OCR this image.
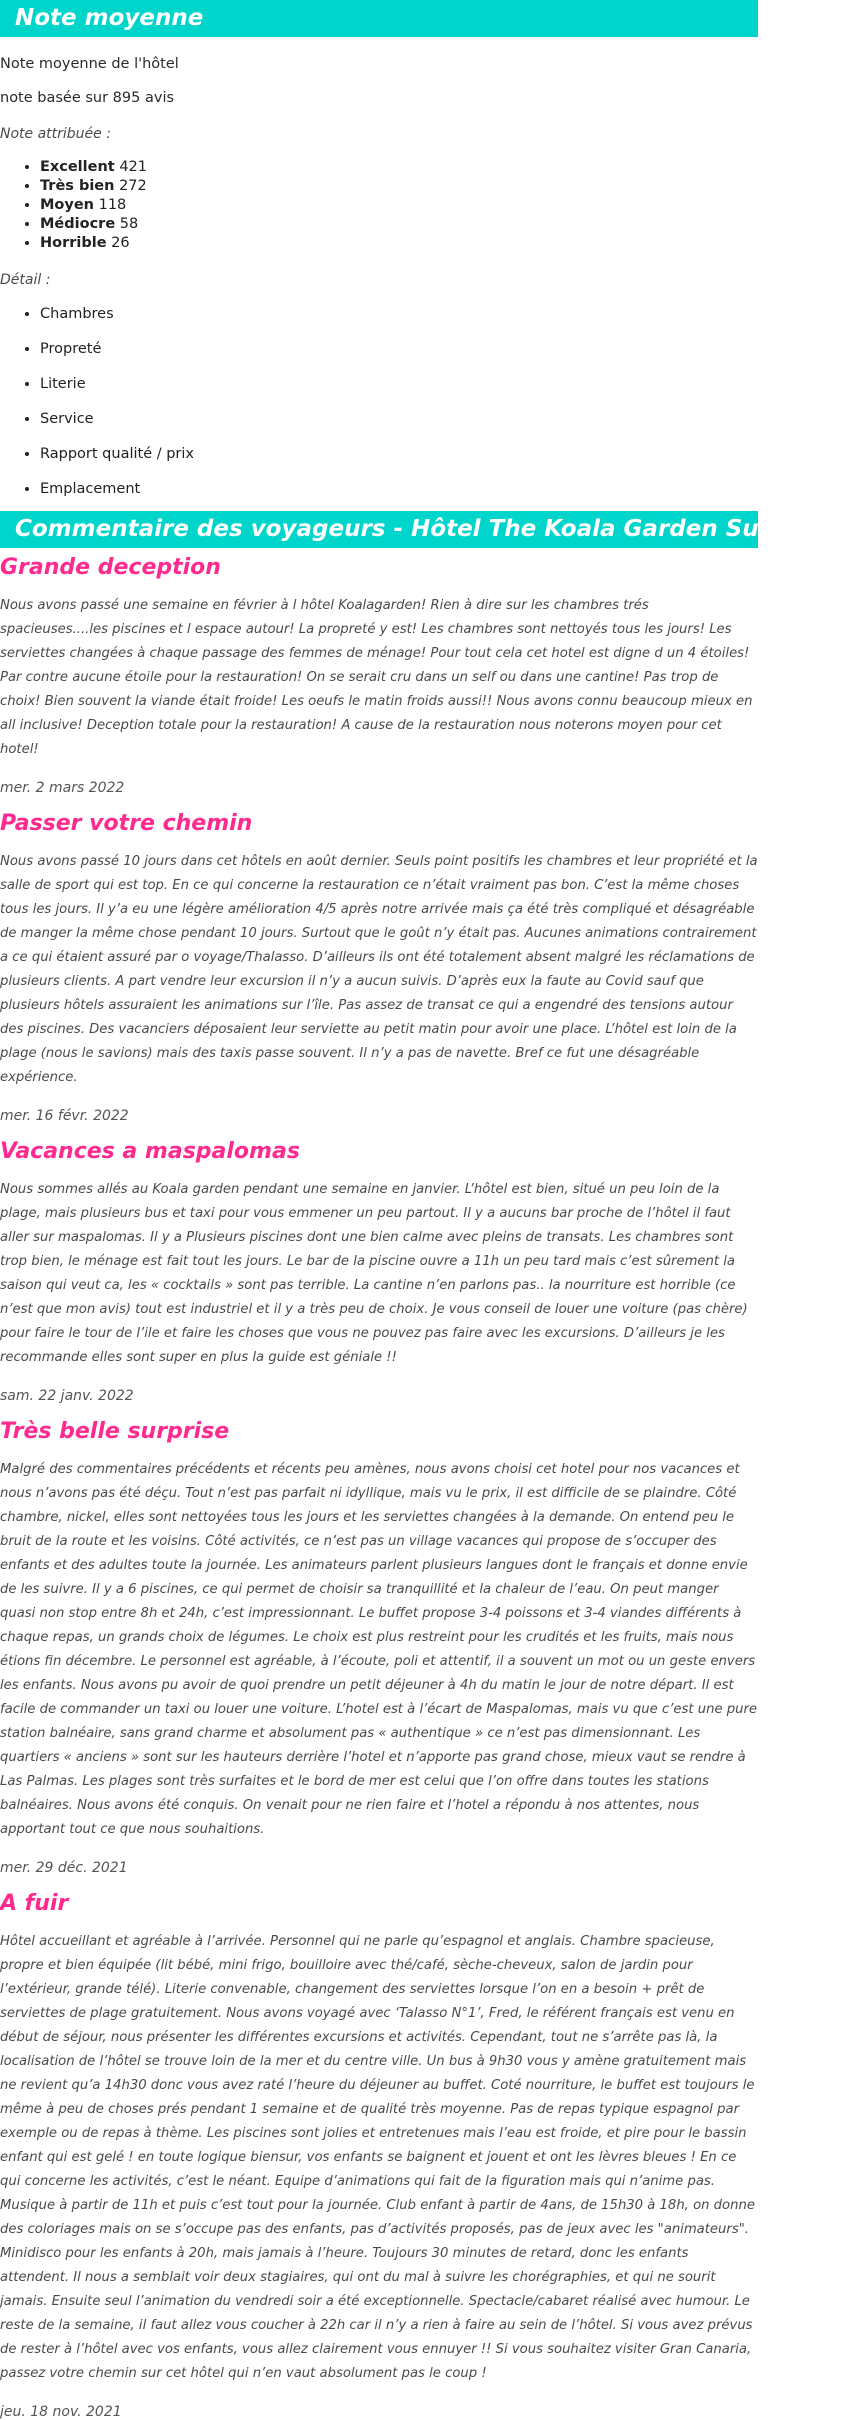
Note moyenne

Note moyenne de l'hôtel

note basée sur 895 avis

Note attribuée :

• Excellent 421
• Très bien 272
• Moyen 118
• Médiocre 58
• Horrible 26

Détail :

• Chambres
• Propreté
• Literie
• Service
• Rapport qualité / prix
• Emplacement
Commentaire des voyageurs - Hôtel The Koala Garden Suites 4*
Grande deception

Nous avons passé une semaine en février à l hôtel Koalagarden! Rien à dire sur les chambres trés spacieuses....les piscines et l espace autour! La propreté y est! Les chambres sont nettoyés tous les jours! Les serviettes changées à chaque passage des femmes de ménage! Pour tout cela cet hotel est digne d un 4 étoiles! Par contre aucune étoile pour la restauration! On se serait cru dans un self ou dans une cantine! Pas trop de choix! Bien souvent la viande était froide! Les oeufs le matin froids aussi!! Nous avons connu beaucoup mieux en all inclusive! Deception totale pour la restauration! A cause de la restauration nous noterons moyen pour cet hotel!

mer. 2 mars 2022

Passer votre chemin

Nous avons passé 10 jours dans cet hôtels en août dernier. Seuls point positifs les chambres et leur propriété et la salle de sport qui est top. En ce qui concerne la restauration ce n’était vraiment pas bon. C’est la même choses tous les jours. Il y’a eu une légère amélioration 4/5 après notre arrivée mais ça été très compliqué et désagréable de manger la même chose pendant 10 jours. Surtout que le goût n’y était pas. Aucunes animations contrairement a ce qui étaient assuré par o voyage/Thalasso. D’ailleurs ils ont été totalement absent malgré les réclamations de plusieurs clients. A part vendre leur excursion il n’y a aucun suivis. D’après eux la faute au Covid sauf que plusieurs hôtels assuraient les animations sur l’île. Pas assez de transat ce qui a engendré des tensions autour des piscines. Des vacanciers déposaient leur serviette au petit matin pour avoir une place. L’hôtel est loin de la plage (nous le savions) mais des taxis passe souvent. Il n’y a pas de navette. Bref ce fut une désagréable expérience.

mer. 16 févr. 2022

Vacances a maspalomas

Nous sommes allés au Koala garden pendant une semaine en janvier. L’hôtel est bien, situé un peu loin de la plage, mais plusieurs bus et taxi pour vous emmener un peu partout. Il y a aucuns bar proche de l’hôtel il faut aller sur maspalomas. Il y a Plusieurs piscines dont une bien calme avec pleins de transats. Les chambres sont trop bien, le ménage est fait tout les jours. Le bar de la piscine ouvre a 11h un peu tard mais c’est sûrement la saison qui veut ca, les « cocktails » sont pas terrible. La cantine n’en parlons pas.. la nourriture est horrible (ce n’est que mon avis) tout est industriel et il y a très peu de choix. Je vous conseil de louer une voiture (pas chère) pour faire le tour de l’ile et faire les choses que vous ne pouvez pas faire avec les excursions. D’ailleurs je les recommande elles sont super en plus la guide est géniale !!

sam. 22 janv. 2022

Très belle surprise

Malgré des commentaires précédents et récents peu amènes, nous avons choisi cet hotel pour nos vacances et nous n’avons pas été déçu. Tout n’est pas parfait ni idyllique, mais vu le prix, il est difficile de se plaindre. Côté chambre, nickel, elles sont nettoyées tous les jours et les serviettes changées à la demande. On entend peu le bruit de la route et les voisins. Côté activités, ce n’est pas un village vacances qui propose de s’occuper des enfants et des adultes toute la journée. Les animateurs parlent plusieurs langues dont le français et donne envie de les suivre. Il y a 6 piscines, ce qui permet de choisir sa tranquillité et la chaleur de l’eau. On peut manger quasi non stop entre 8h et 24h, c’est impressionnant. Le buffet propose 3-4 poissons et 3-4 viandes différents à chaque repas, un grands choix de légumes. Le choix est plus restreint pour les crudités et les fruits, mais nous étions fin décembre. Le personnel est agréable, à l’écoute, poli et attentif, il a souvent un mot ou un geste envers les enfants. Nous avons pu avoir de quoi prendre un petit déjeuner à 4h du matin le jour de notre départ. Il est facile de commander un taxi ou louer une voiture. L’hotel est à l’écart de Maspalomas, mais vu que c’est une pure station balnéaire, sans grand charme et absolument pas « authentique » ce n’est pas dimensionnant. Les quartiers « anciens » sont sur les hauteurs derrière l’hotel et n’apporte pas grand chose, mieux vaut se rendre à Las Palmas. Les plages sont très surfaites et le bord de mer est celui que l’on offre dans toutes les stations balnéaires. Nous avons été conquis. On venait pour ne rien faire et l’hotel a répondu à nos attentes, nous apportant tout ce que nous souhaitions.

mer. 29 déc. 2021

A fuir

Hôtel accueillant et agréable à l’arrivée. Personnel qui ne parle qu’espagnol et anglais. Chambre spacieuse, propre et bien équipée (lit bébé, mini frigo, bouilloire avec thé/café, sèche-cheveux, salon de jardin pour l’extérieur, grande télé). Literie convenable, changement des serviettes lorsque l’on en a besoin + prêt de serviettes de plage gratuitement. Nous avons voyagé avec ‘Talasso N°1’, Fred, le référent français est venu en début de séjour, nous présenter les différentes excursions et activités. Cependant, tout ne s’arrête pas là, la localisation de l’hôtel se trouve loin de la mer et du centre ville. Un bus à 9h30 vous y amène gratuitement mais ne revient qu’a 14h30 donc vous avez raté l’heure du déjeuner au buffet. Coté nourriture, le buffet est toujours le même à peu de choses prés pendant 1 semaine et de qualité très moyenne. Pas de repas typique espagnol par exemple ou de repas à thème. Les piscines sont jolies et entretenues mais l’eau est froide, et pire pour le bassin enfant qui est gelé ! en toute logique biensur, vos enfants se baignent et jouent et ont les lèvres bleues ! En ce qui concerne les activités, c’est le néant. Equipe d’animations qui fait de la figuration mais qui n’anime pas. Musique à partir de 11h et puis c’est tout pour la journée. Club enfant à partir de 4ans, de 15h30 à 18h, on donne des coloriages mais on se s’occupe pas des enfants, pas d’activités proposés, pas de jeux avec les "animateurs". Minidisco pour les enfants à 20h, mais jamais à l’heure. Toujours 30 minutes de retard, donc les enfants attendent. Il nous a semblait voir deux stagiaires, qui ont du mal à suivre les chorégraphies, et qui ne sourit jamais. Ensuite seul l’animation du vendredi soir a été exceptionnelle. Spectacle/cabaret réalisé avec humour. Le reste de la semaine, il faut allez vous coucher à 22h car il n’y a rien à faire au sein de l’hôtel. Si vous avez prévus de rester à l’hôtel avec vos enfants, vous allez clairement vous ennuyer !! Si vous souhaitez visiter Gran Canaria, passez votre chemin sur cet hôtel qui n’en vaut absolument pas le coup !

jeu. 18 nov. 2021
